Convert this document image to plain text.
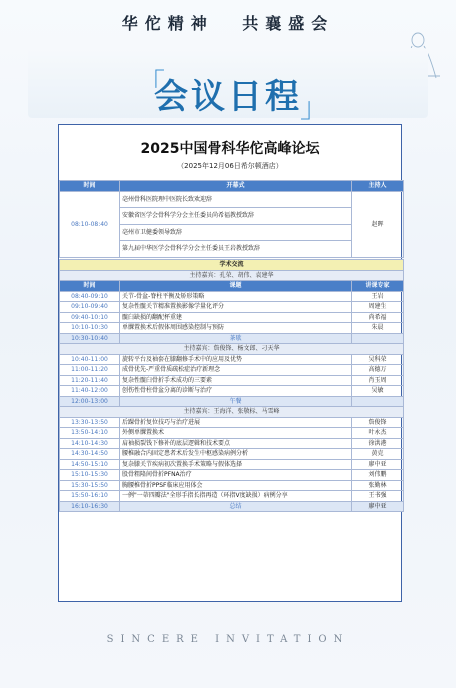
华佗精神 共襄盛会
「
会议日程
」
2025中国骨科华佗高峰论坛
（2025年12月06日希尔顿酒店）
时间	开幕式	主持人
08:10-08:40	亳州骨科医院理中医院长致欢迎辞	赵晖
	安徽省医学会骨科学分会主任委员尚希福教授致辞	
	亳州市卫健委领导致辞	
	第九届中华医学会骨科学分会主任委员王岩教授致辞	
学术交流		
主持嘉宾：孔荣、胡伟、袁建华		
时间	课题	讲课专家
08:40-09:10	关节-骨盆-脊柱平衡及矫形策略	王岩
09:10-09:40	复杂性髋关节精准置换影像学量化评分	周建生
09:40-10:10	髋臼缺损的翻配杯重建	尚希福
10:10-10:30	单髁置换术后假体周围感染控制与预防	朱晨
10:30-10:40	茶歇	
主持嘉宾：詹俊锋、杨文郎、刁天华		
10:40-11:00	旋转平台及袖套在膝翻修手术中的应用及优势	吴科荣
11:00-11:20	成骨优先-严重骨质疏松症治疗新理念	高德万
11:20-11:40	复杂性髋臼骨折手术成功的三要素	肖玉周
11:40-12:00	创伤性骨柱骨盆分离的诊断与治疗	吴敏
12:00-13:00	午餐	
主持嘉宾：王海洋、张敬标、马雪峰		
13:30-13:50	后踝骨折复位技巧与治疗进展	詹俊锋
13:50-14:10	外侧单髁置换术	叶永杰
14:10-14:30	肩袖损裂钱下修补的底层逻辑和技术要点	徐洪港
14:30-14:50	腰椎融合内固定患者术后发生中枢感染病例分析	黄克
14:50-15:10	复杂膝关节疾病初次置换手术策略与假体选择	廖中亚
15:10-15:30	股骨粗隆间骨折PFNA治疗	刘伟鹏
15:30-15:50	胸腰椎骨折PPSF临床应用体会	张勤林
15:50-16:10	一例"一蒂四瓣法"全形手指长指再造（环指Ⅴ度缺损）病例分享	王书强
16:10-16:30	总结	廖中亚
SINCERE INVITATION
